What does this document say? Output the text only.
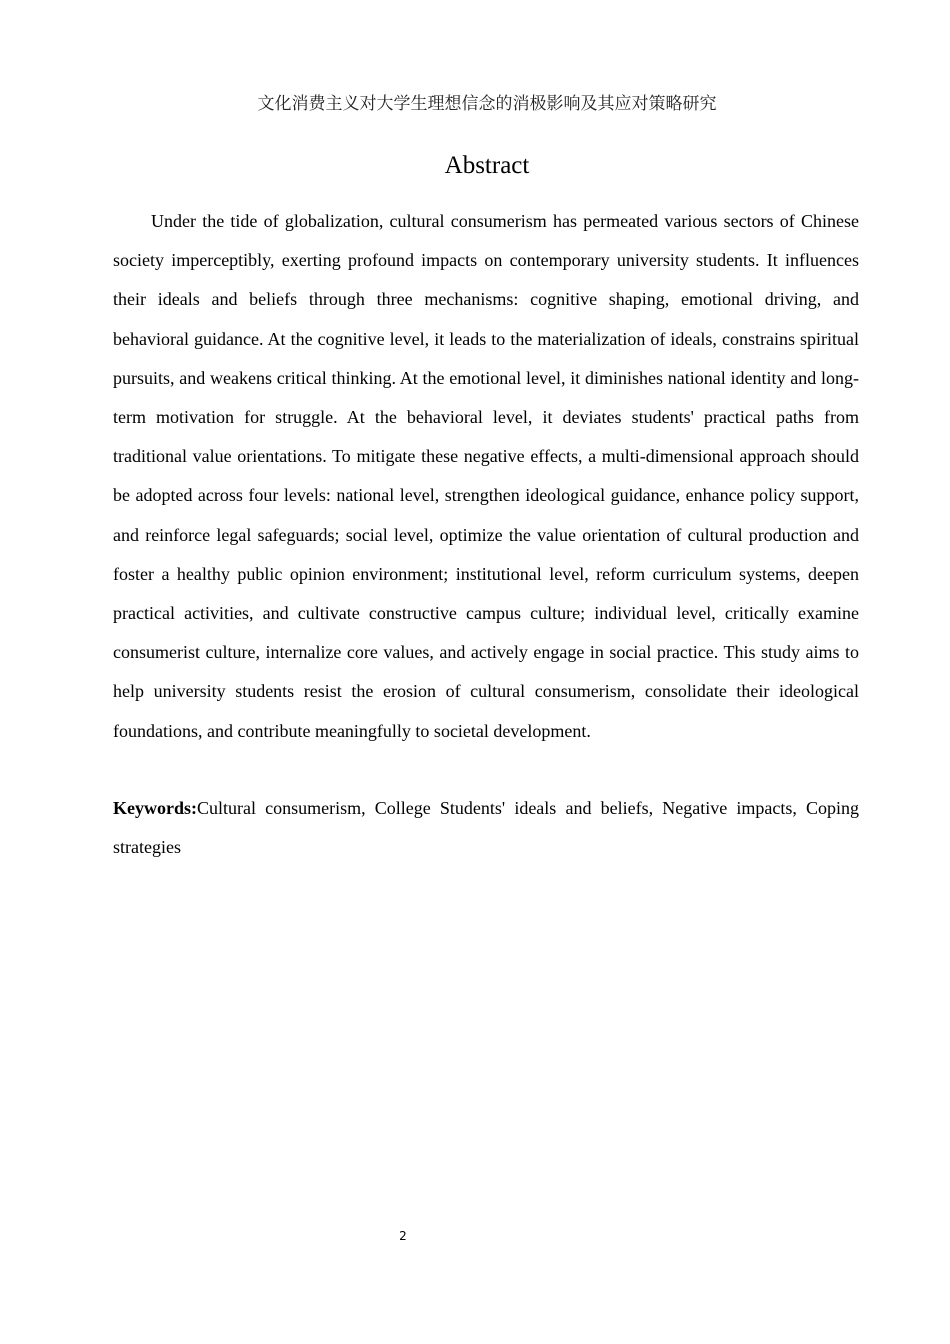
文化消费主义对大学生理想信念的消极影响及其应对策略研究
Abstract

Under the tide of globalization, cultural consumerism has permeated various sectors of Chinese society imperceptibly, exerting profound impacts on contemporary university students. It influences their ideals and beliefs through three mechanisms: cognitive shaping, emotional driving, and behavioral guidance. At the cognitive level, it leads to the materialization of ideals, constrains spiritual pursuits, and weakens critical thinking. At the emotional level, it diminishes national identity and long-term motivation for struggle. At the behavioral level, it deviates students' practical paths from traditional value orientations. To mitigate these negative effects, a multi-dimensional approach should be adopted across four levels: national level, strengthen ideological guidance, enhance policy support, and reinforce legal safeguards; social level, optimize the value orientation of cultural production and foster a healthy public opinion environment; institutional level, reform curriculum systems, deepen practical activities, and cultivate constructive campus culture; individual level, critically examine consumerist culture, internalize core values, and actively engage in social practice. This study aims to help university students resist the erosion of cultural consumerism, consolidate their ideological foundations, and contribute meaningfully to societal development.

Keywords:Cultural consumerism, College Students' ideals and beliefs, Negative impacts, Coping strategies

2
